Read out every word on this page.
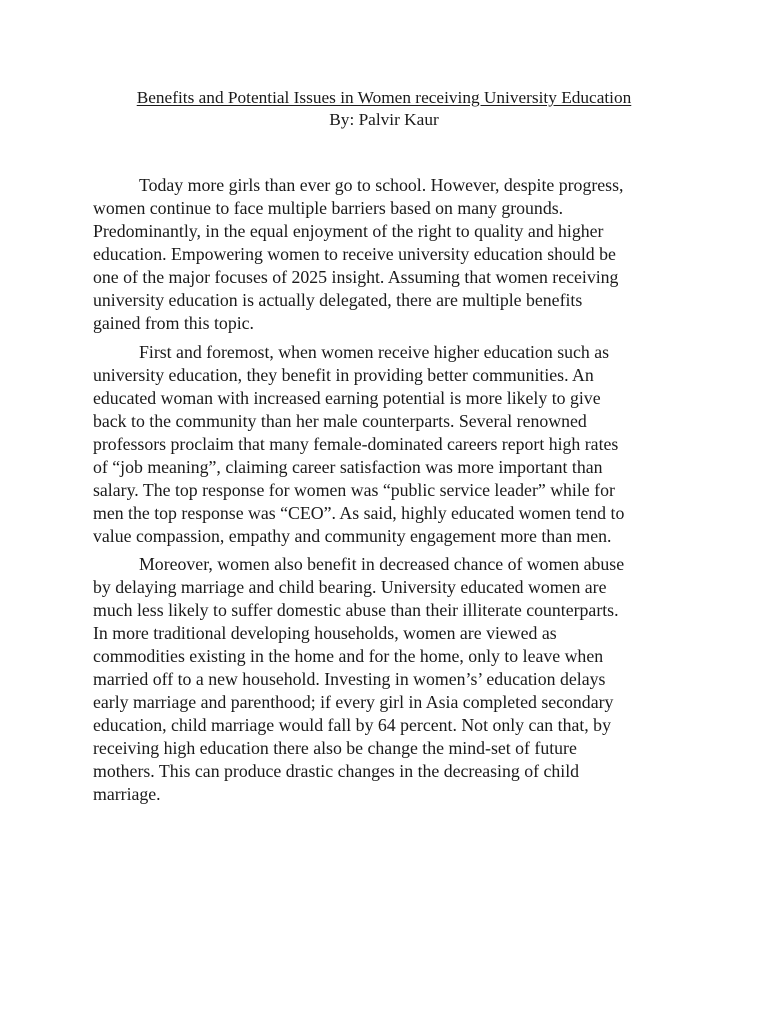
Benefits and Potential Issues in Women receiving University Education
By: Palvir Kaur
Today more girls than ever go to school. However, despite progress,
women continue to face multiple barriers based on many grounds.
Predominantly, in the equal enjoyment of the right to quality and higher
education. Empowering women to receive university education should be
one of the major focuses of 2025 insight. Assuming that women receiving
university education is actually delegated, there are multiple benefits
gained from this topic.
First and foremost, when women receive higher education such as
university education, they benefit in providing better communities. An
educated woman with increased earning potential is more likely to give
back to the community than her male counterparts. Several renowned
professors proclaim that many female-dominated careers report high rates
of “job meaning”, claiming career satisfaction was more important than
salary. The top response for women was “public service leader” while for
men the top response was “CEO”. As said, highly educated women tend to
value compassion, empathy and community engagement more than men.
Moreover, women also benefit in decreased chance of women abuse
by delaying marriage and child bearing. University educated women are
much less likely to suffer domestic abuse than their illiterate counterparts.
In more traditional developing households, women are viewed as
commodities existing in the home and for the home, only to leave when
married off to a new household. Investing in women’s’ education delays
early marriage and parenthood; if every girl in Asia completed secondary
education, child marriage would fall by 64 percent. Not only can that, by
receiving high education there also be change the mind-set of future
mothers. This can produce drastic changes in the decreasing of child
marriage.
